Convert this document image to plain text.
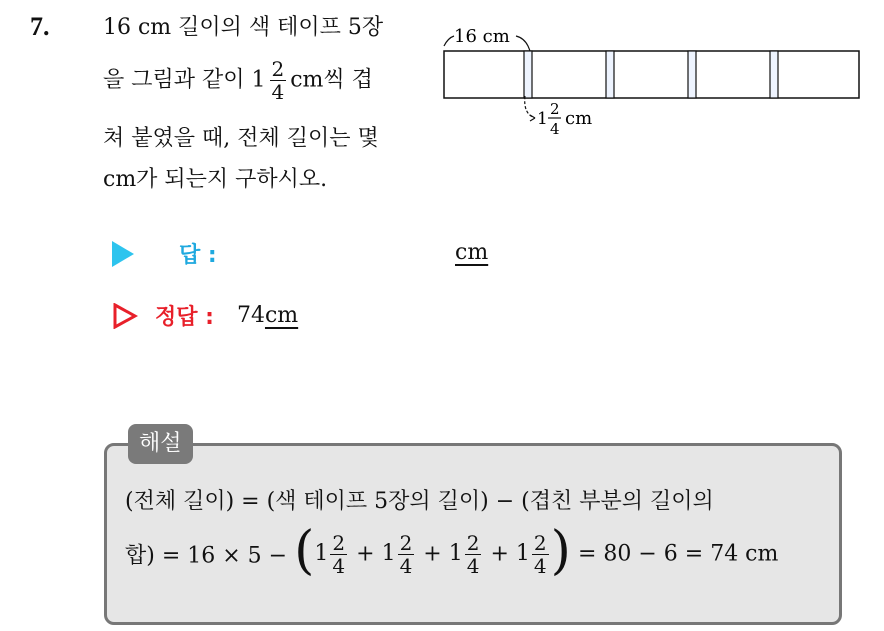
7. 16 cm 길이의 색 테이프 5장
을 그림과 같이 $1 \frac{2}{4}$ cm씩 겹
쳐 붙였을 때, 전체 길이는 몇
cm가 되는지 구하시오.
16 cm
1 2
4 cm
답 :	cm
정답 : 74cm
해설
(전체 길이) = (색 테이프 5장의 길이) − (겹친 부분의 길이의
합) = $16 \times 5 - (1 \frac{2}{4} + 1 \frac{2}{4} + 1 \frac{2}{4} + 1 \frac{2}{4}$ ) = 80 − 6 = 74 cm
